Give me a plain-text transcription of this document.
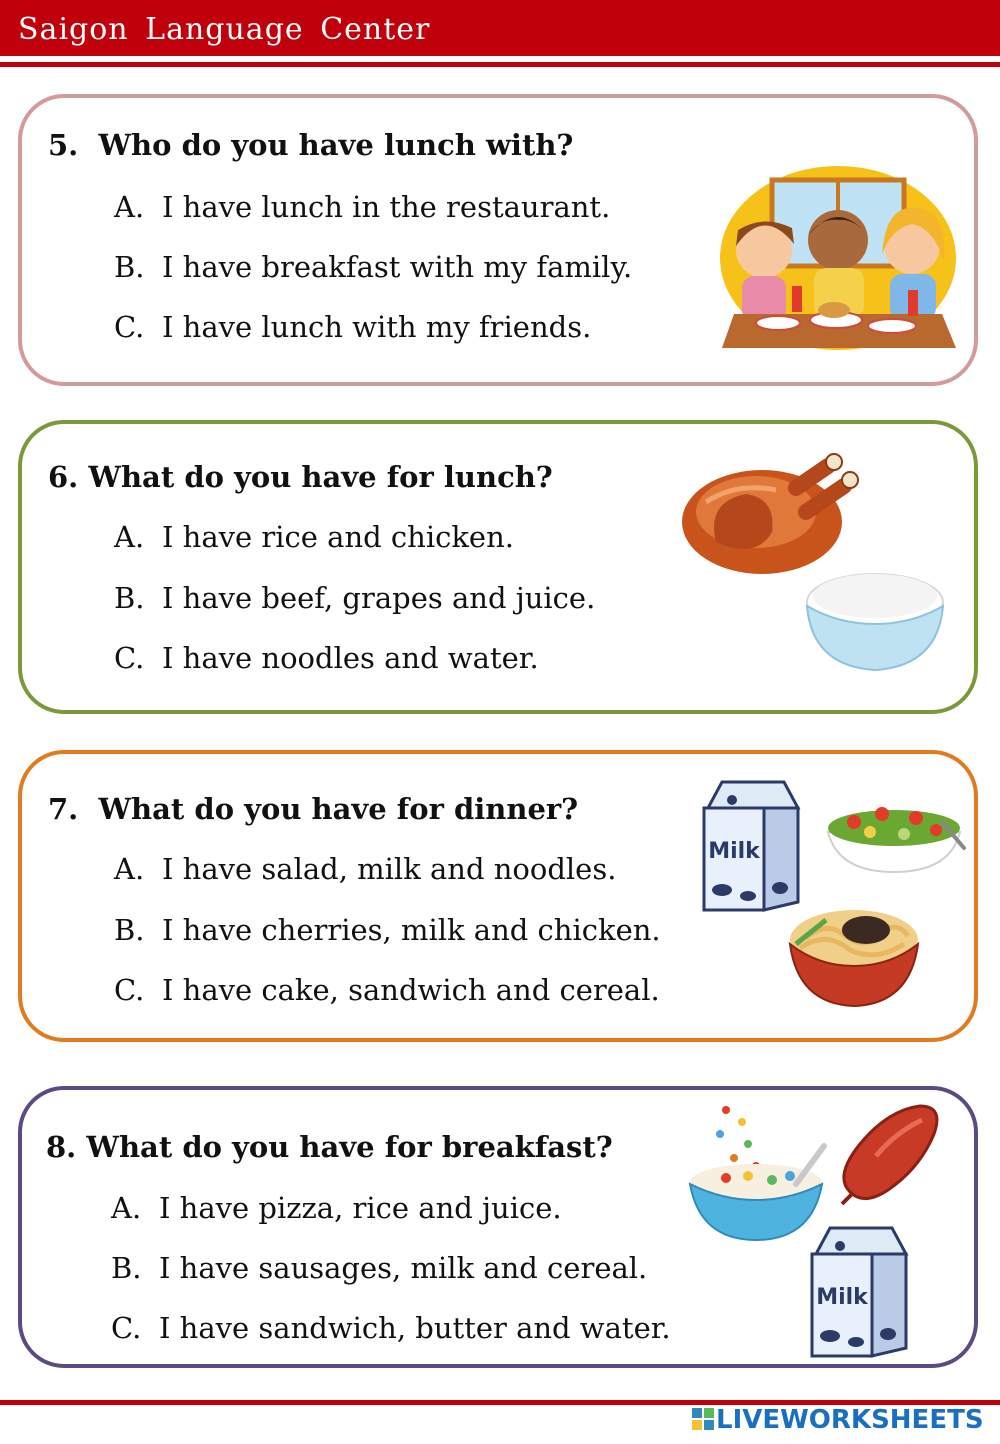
Saigon Language Center
5. Who do you have lunch with?
A. I have lunch in the restaurant.
B. I have breakfast with my family.
C. I have lunch with my friends.
6. What do you have for lunch?
A. I have rice and chicken.
B. I have beef, grapes and juice.
C. I have noodles and water.
7. What do you have for dinner?
A. I have salad, milk and noodles.
B. I have cherries, milk and chicken.
C. I have cake, sandwich and cereal.
Milk
8. What do you have for breakfast?
A. I have pizza, rice and juice.
B. I have sausages, milk and cereal.
C. I have sandwich, butter and water.
Milk
LIVEWORKSHEETS
